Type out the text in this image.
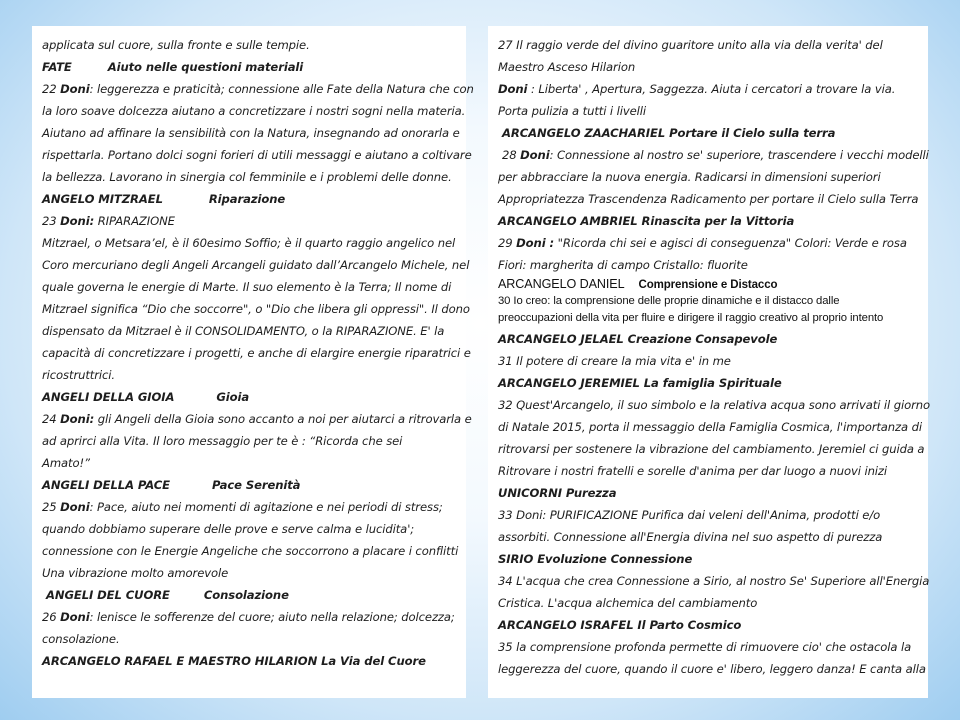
applicata sul cuore, sulla fronte e sulle tempie.
FATE	Aiuto nelle questioni materiali
22 Doni: leggerezza e praticità; connessione alle Fate della Natura che con
la loro soave dolcezza aiutano a concretizzare i nostri sogni nella materia.
Aiutano ad affinare la sensibilità con la Natura, insegnando ad onorarla e
rispettarla. Portano dolci sogni forieri di utili messaggi e aiutano a coltivare
la bellezza. Lavorano in sinergia col femminile e i problemi delle donne.
ANGELO MITZRAEL	Riparazione
23 Doni: RIPARAZIONE
Mitzrael, o Metsara’el, è il 60esimo Soffio; è il quarto raggio angelico nel
Coro mercuriano degli Angeli Arcangeli guidato dall’Arcangelo Michele, nel
quale governa le energie di Marte. Il suo elemento è la Terra; Il nome di
Mitzrael significa “Dio che soccorre", o "Dio che libera gli oppressi". Il dono
dispensato da Mitzrael è il CONSOLIDAMENTO, o la RIPARAZIONE. E' la
capacità di concretizzare i progetti, e anche di elargire energie riparatrici e
ricostruttrici.
ANGELI DELLA GIOIA	Gioia
24 Doni: gli Angeli della Gioia sono accanto a noi per aiutarci a ritrovarla e
ad aprirci alla Vita. Il loro messaggio per te è : “Ricorda che sei
Amato!”
ANGELI DELLA PACE	Pace Serenità
25 Doni: Pace, aiuto nei momenti di agitazione e nei periodi di stress;
quando dobbiamo superare delle prove e serve calma e lucidita';
connessione con le Energie Angeliche che soccorrono a placare i conflitti
Una vibrazione molto amorevole
ANGELI DEL CUORE	Consolazione
26 Doni: lenisce le sofferenze del cuore; aiuto nella relazione; dolcezza;
consolazione.
ARCANGELO RAFAEL E MAESTRO HILARION La Via del Cuore
27 Il raggio verde del divino guaritore unito alla via della verita' del
Maestro Asceso Hilarion
Doni : Liberta' , Apertura, Saggezza. Aiuta i cercatori a trovare la via.
Porta pulizia a tutti i livelli
ARCANGELO ZAACHARIEL Portare il Cielo sulla terra
28 Doni: Connessione al nostro se' superiore, trascendere i vecchi modelli
per abbracciare la nuova energia. Radicarsi in dimensioni superiori
Appropriatezza Trascendenza Radicamento per portare il Cielo sulla Terra
ARCANGELO AMBRIEL Rinascita per la Vittoria
29 Doni : "Ricorda chi sei e agisci di conseguenza" Colori: Verde e rosa
Fiori: margherita di campo Cristallo: fluorite
ARCANGELO DANIEL Comprensione e Distacco
30 Io creo: la comprensione delle proprie dinamiche e il distacco dalle
preoccupazioni della vita per fluire e dirigere il raggio creativo al proprio intento
ARCANGELO JELAEL Creazione Consapevole
31 Il potere di creare la mia vita e' in me
ARCANGELO JEREMIEL La famiglia Spirituale
32 Quest'Arcangelo, il suo simbolo e la relativa acqua sono arrivati il giorno
di Natale 2015, porta il messaggio della Famiglia Cosmica, l'importanza di
ritrovarsi per sostenere la vibrazione del cambiamento. Jeremiel ci guida a
Ritrovare i nostri fratelli e sorelle d'anima per dar luogo a nuovi inizi
UNICORNI Purezza
33 Doni: PURIFICAZIONE Purifica dai veleni dell'Anima, prodotti e/o
assorbiti. Connessione all'Energia divina nel suo aspetto di purezza
SIRIO Evoluzione Connessione
34 L'acqua che crea Connessione a Sirio, al nostro Se' Superiore all'Energia
Cristica. L'acqua alchemica del cambiamento
ARCANGELO ISRAFEL Il Parto Cosmico
35 la comprensione profonda permette di rimuovere cio' che ostacola la
leggerezza del cuore, quando il cuore e' libero, leggero danza! E canta alla
